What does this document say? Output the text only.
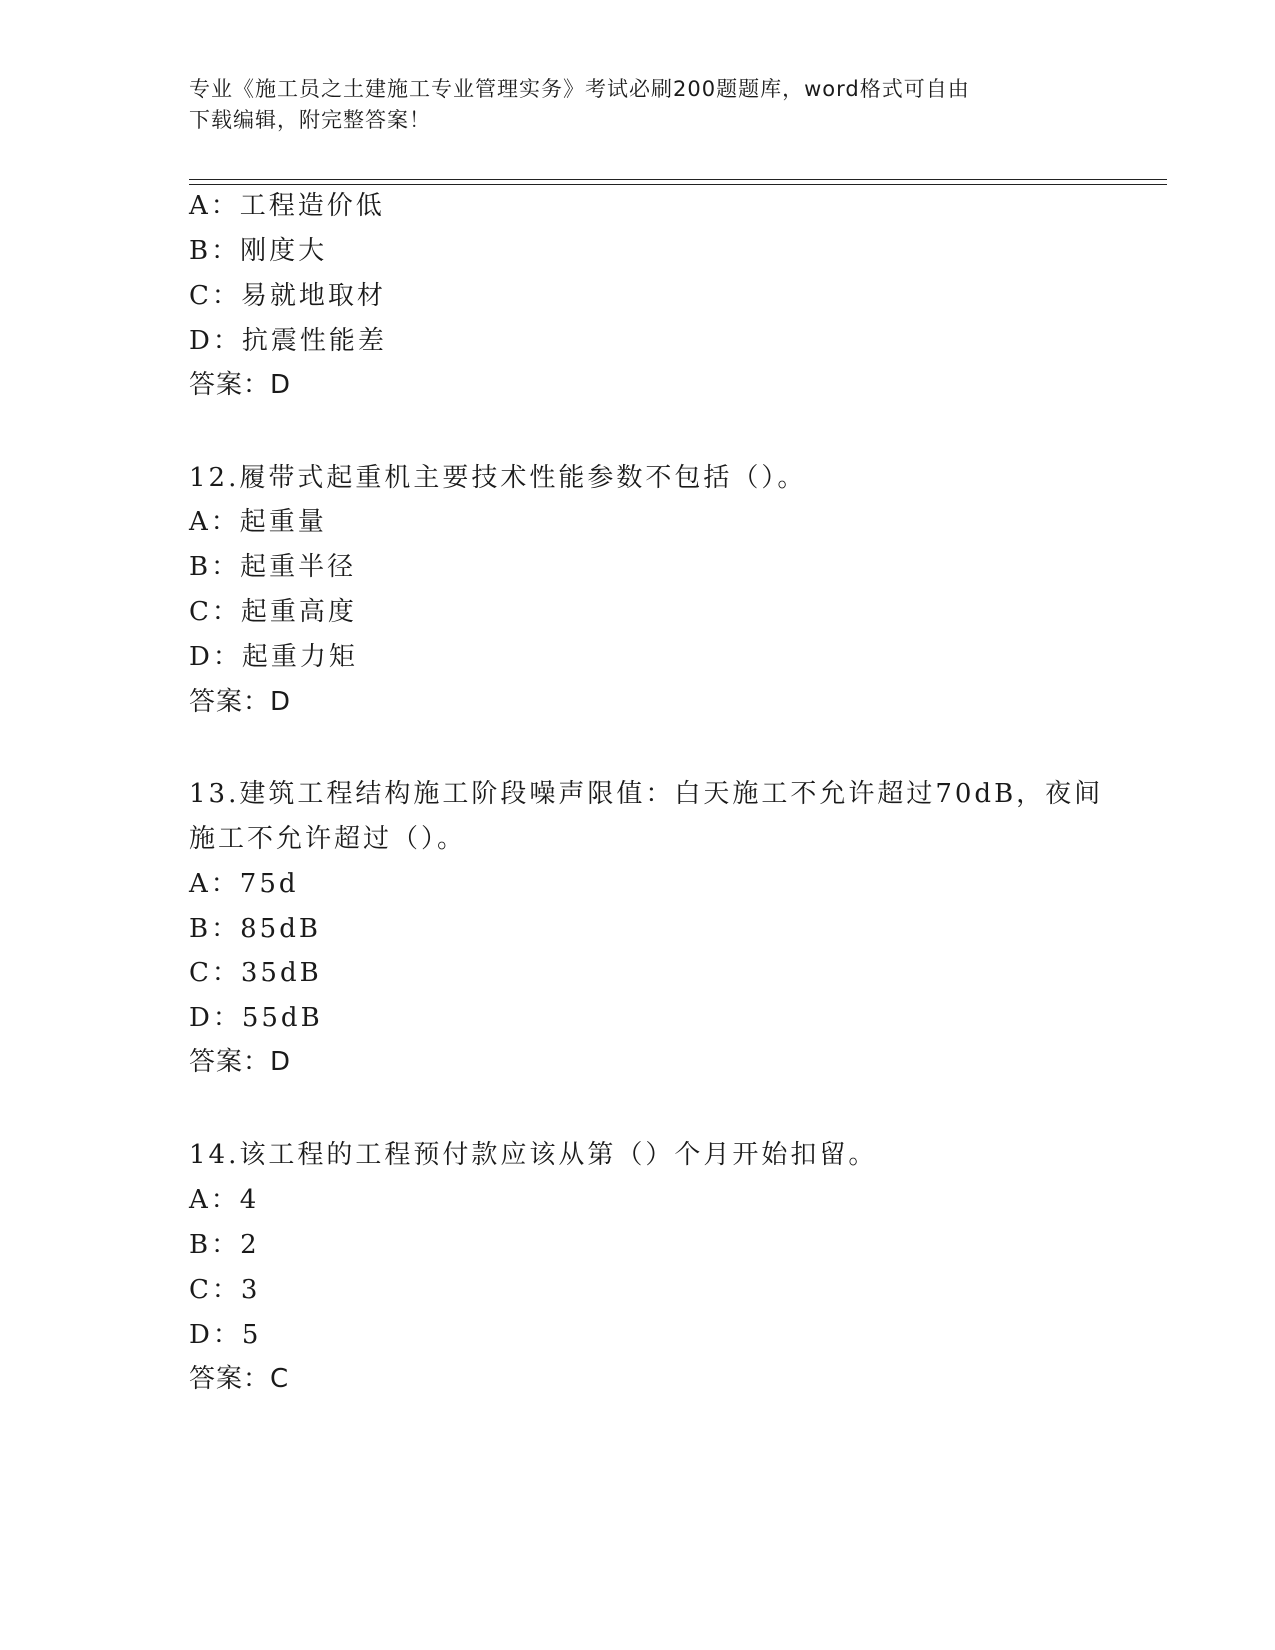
专业《施工员之土建施工专业管理实务》考试必刷200题题库，word格式可自由
下载编辑，附完整答案！
A：工程造价低
B：刚度大
C：易就地取材
D：抗震性能差
答案：D
12.履带式起重机主要技术性能参数不包括（）。
A：起重量
B：起重半径
C：起重高度
D：起重力矩
答案：D
13.建筑工程结构施工阶段噪声限值：白天施工不允许超过70dB，夜间
施工不允许超过（）。
A：75d
B：85dB
C：35dB
D：55dB
答案：D
14.该工程的工程预付款应该从第（）个月开始扣留。
A：4
B：2
C：3
D：5
答案：C
